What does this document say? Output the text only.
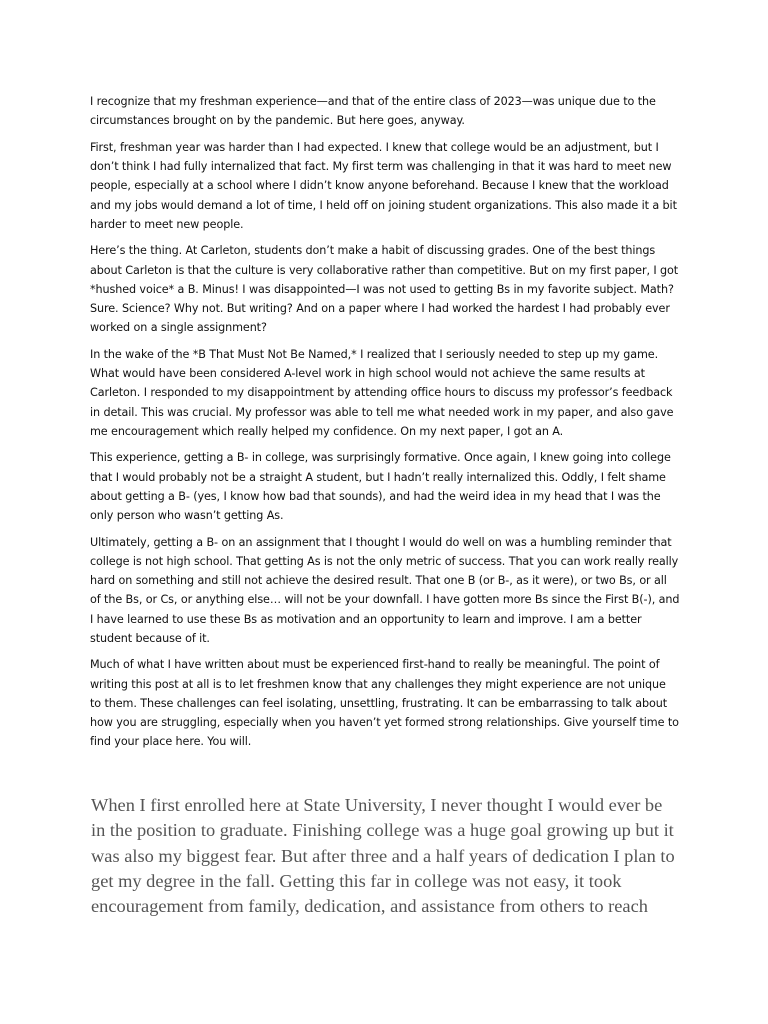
I recognize that my freshman experience—and that of the entire class of 2023—was unique due to the circumstances brought on by the pandemic. But here goes, anyway.

First, freshman year was harder than I had expected. I knew that college would be an adjustment, but I don’t think I had fully internalized that fact. My first term was challenging in that it was hard to meet new people, especially at a school where I didn’t know anyone beforehand. Because I knew that the workload and my jobs would demand a lot of time, I held off on joining student organizations. This also made it a bit harder to meet new people.

Here’s the thing. At Carleton, students don’t make a habit of discussing grades. One of the best things about Carleton is that the culture is very collaborative rather than competitive. But on my first paper, I got *hushed voice* a B. Minus! I was disappointed—I was not used to getting Bs in my favorite subject. Math? Sure. Science? Why not. But writing? And on a paper where I had worked the hardest I had probably ever worked on a single assignment?

In the wake of the *B That Must Not Be Named,* I realized that I seriously needed to step up my game. What would have been considered A-level work in high school would not achieve the same results at Carleton. I responded to my disappointment by attending office hours to discuss my professor’s feedback in detail. This was crucial. My professor was able to tell me what needed work in my paper, and also gave me encouragement which really helped my confidence. On my next paper, I got an A.

This experience, getting a B- in college, was surprisingly formative. Once again, I knew going into college that I would probably not be a straight A student, but I hadn’t really internalized this. Oddly, I felt shame about getting a B- (yes, I know how bad that sounds), and had the weird idea in my head that I was the only person who wasn’t getting As.

Ultimately, getting a B- on an assignment that I thought I would do well on was a humbling reminder that college is not high school. That getting As is not the only metric of success. That you can work really really hard on something and still not achieve the desired result. That one B (or B-, as it were), or two Bs, or all of the Bs, or Cs, or anything else… will not be your downfall. I have gotten more Bs since the First B(-), and I have learned to use these Bs as motivation and an opportunity to learn and improve. I am a better student because of it.

Much of what I have written about must be experienced first-hand to really be meaningful. The point of writing this post at all is to let freshmen know that any challenges they might experience are not unique to them. These challenges can feel isolating, unsettling, frustrating. It can be embarrassing to talk about how you are struggling, especially when you haven’t yet formed strong relationships. Give yourself time to find your place here. You will.

When I first enrolled here at State University, I never thought I would ever be in the position to graduate. Finishing college was a huge goal growing up but it was also my biggest fear. But after three and a half years of dedication I plan to get my degree in the fall. Getting this far in college was not easy, it took encouragement from family, dedication, and assistance from others to reach
